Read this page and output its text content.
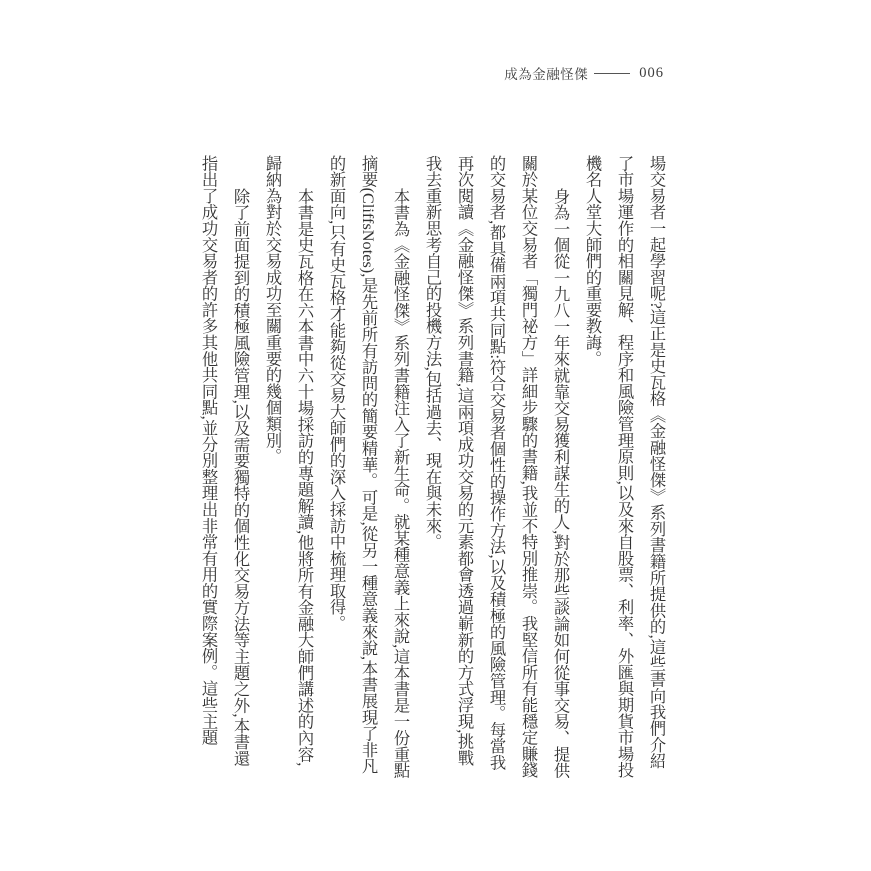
成為金融怪傑	006

場交易者一起學習呢?這正是史瓦格《金融怪傑》系列書籍所提供的,這些書向我們介紹了市場運作的相關見解、程序和風險管理原則,以及來自股票、利率、外匯與期貨市場投機名人堂大師們的重要教誨。

身為一個從一九八一年來就靠交易獲利謀生的人,對於那些談論如何從事交易、提供關於某位交易者「獨門祕方」詳細步驟的書籍,我並不特別推崇。我堅信所有能穩定賺錢的交易者,都具備兩項共同點:符合交易者個性的操作方法,以及積極的風險管理。每當我再次閱讀《金融怪傑》系列書籍,這兩項成功交易的元素都會透過嶄新的方式浮現,挑戰我去重新思考自己的投機方法,包括過去、現在與未來。

本書為《金融怪傑》系列書籍注入了新生命。就某種意義上來說,這本書是一份重點摘要(CliffsNotes),是先前所有訪問的簡要精華。可是,從另一種意義來說,本書展現了非凡的新面向,只有史瓦格才能夠從交易大師們的深入採訪中梳理取得。

本書是史瓦格在六本書中六十場採訪的專題解讀,他將所有金融大師們講述的內容,歸納為對於交易成功至關重要的幾個類別。

除了前面提到的積極風險管理,以及需要獨特的個性化交易方法等主題之外,本書還指出了成功交易者的許多其他共同點,並分別整理出非常有用的實際案例。這些主題
